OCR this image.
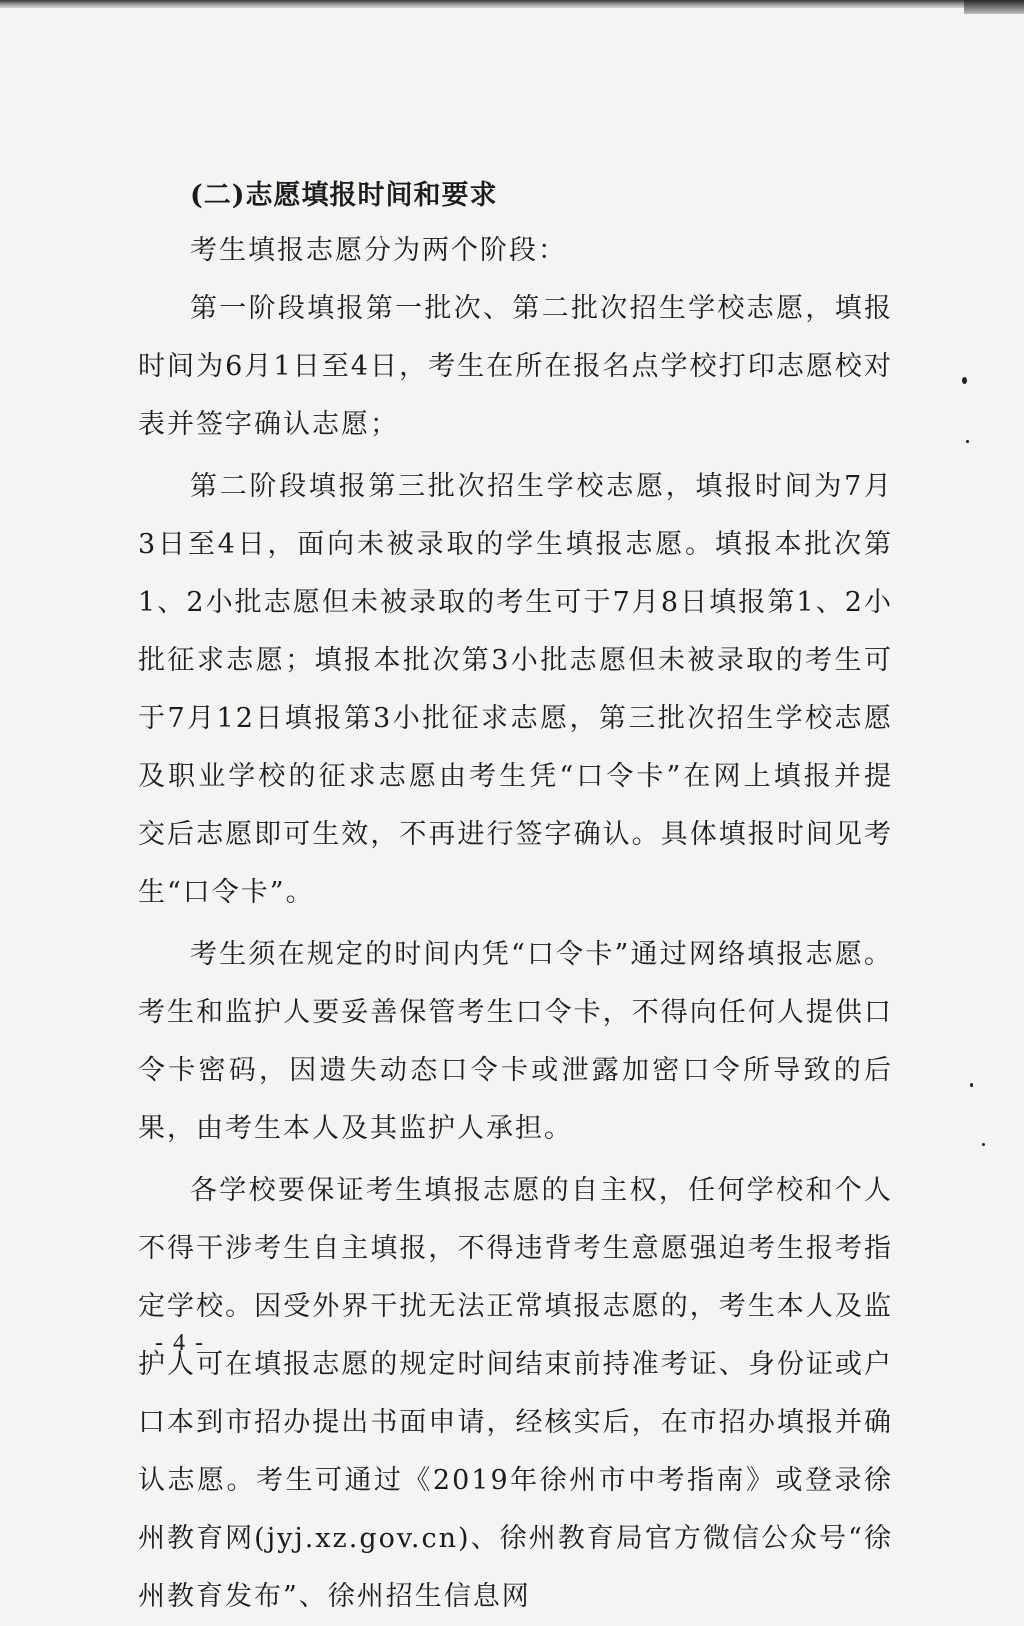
(二)志愿填报时间和要求

考生填报志愿分为两个阶段：

第一阶段填报第一批次、第二批次招生学校志愿，填报时间为6月1日至4日，考生在所在报名点学校打印志愿校对表并签字确认志愿；

第二阶段填报第三批次招生学校志愿，填报时间为7月3日至4日，面向未被录取的学生填报志愿。填报本批次第1、2小批志愿但未被录取的考生可于7月8日填报第1、2小批征求志愿；填报本批次第3小批志愿但未被录取的考生可于7月12日填报第3小批征求志愿，第三批次招生学校志愿及职业学校的征求志愿由考生凭“口令卡”在网上填报并提交后志愿即可生效，不再进行签字确认。具体填报时间见考生“口令卡”。

考生须在规定的时间内凭“口令卡”通过网络填报志愿。考生和监护人要妥善保管考生口令卡，不得向任何人提供口令卡密码，因遗失动态口令卡或泄露加密口令所导致的后果，由考生本人及其监护人承担。

各学校要保证考生填报志愿的自主权，任何学校和个人不得干涉考生自主填报，不得违背考生意愿强迫考生报考指定学校。因受外界干扰无法正常填报志愿的，考生本人及监护人可在填报志愿的规定时间结束前持准考证、身份证或户口本到市招办提出书面申请，经核实后，在市招办填报并确认志愿。考生可通过《2019年徐州市中考指南》或登录徐州教育网(jyj.xz.gov.cn)、徐州教育局官方微信公众号“徐州教育发布”、徐州招生信息网

- 4 -
